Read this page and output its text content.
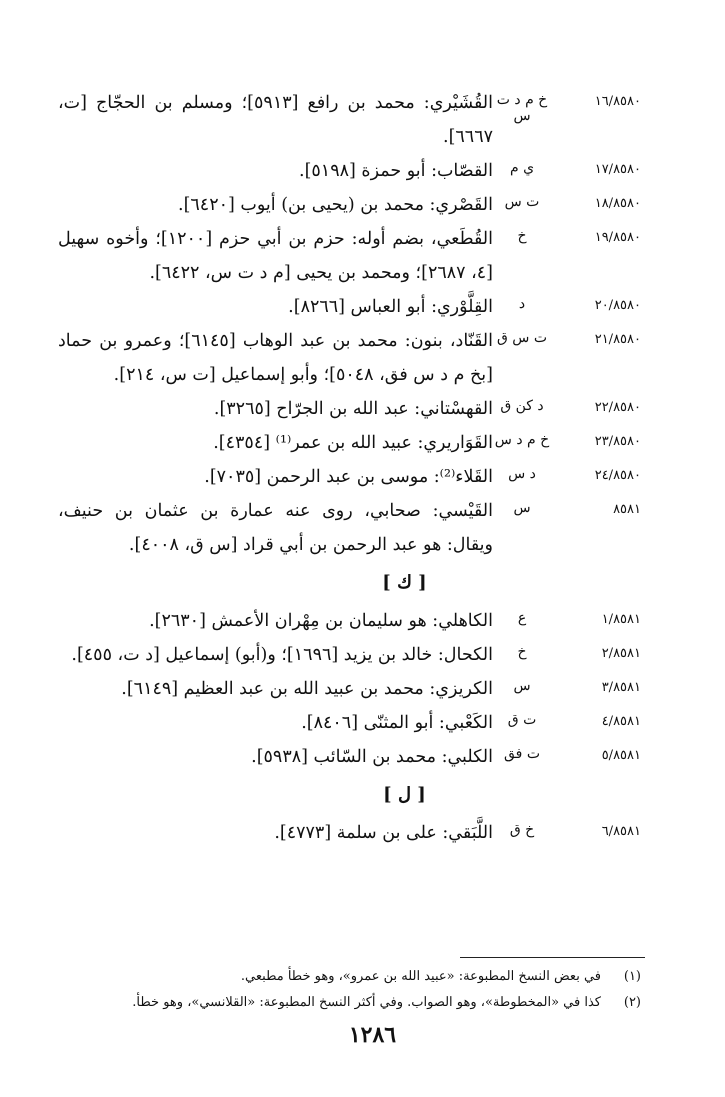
١٦/٨٥٨٠
خ م د ت س
القُشَيْري: محمد بن رافع [٥٩١٣]؛ ومسلم بن الحجّاج [ت، ٦٦٦٧].
١٧/٨٥٨٠
ي م
القصّاب: أبو حمزة [٥١٩٨].
١٨/٨٥٨٠
ت س
القَصْري: محمد بن (يحيى بن) أيوب [٦٤٢٠].
١٩/٨٥٨٠
خ
القُطَعي، بضم أوله: حزم بن أبي حزم [١٢٠٠]؛ وأخوه سهيل [٤، ٢٦٨٧]؛ ومحمد بن يحيى [م د ت س، ٦٤٢٢].
٢٠/٨٥٨٠
د
القِلَّوْري: أبو العباس [٨٢٦٦].
٢١/٨٥٨٠
ت س ق
القَنّاد، بنون: محمد بن عبد الوهاب [٦١٤٥]؛ وعمرو بن حماد [بخ م د س فق، ٥٠٤٨]؛ وأبو إسماعيل [ت س، ٢١٤].
٢٢/٨٥٨٠
د كن ق
القهسْتاني: عبد الله بن الجرّاح [٣٢٦٥].
٢٣/٨٥٨٠
خ م د س
القَوَاريري: عبيد الله بن عمر⁽¹⁾ [٤٣٥٤].
٢٤/٨٥٨٠
د س
القَلاء⁽²⁾: موسى بن عبد الرحمن [٧٠٣٥].
٨٥٨١
س
القَيْسي: صحابي، روى عنه عمارة بن عثمان بن حنيف، ويقال: هو عبد الرحمن بن أبي قراد [س ق، ٤٠٠٨].
[ ك ]
١/٨٥٨١
ع
الكاهلي: هو سليمان بن مِهْران الأعمش [٢٦٣٠].
٢/٨٥٨١
خ
الكحال: خالد بن يزيد [١٦٩٦]؛ و(أبو) إسماعيل [د ت، ٤٥٥].
٣/٨٥٨١
س
الكريزي: محمد بن عبيد الله بن عبد العظيم [٦١٤٩].
٤/٨٥٨١
ت ق
الكَعْبي: أبو المثنّى [٨٤٠٦].
٥/٨٥٨١
ت فق
الكلبي: محمد بن السّائب [٥٩٣٨].
[ ل ]
٦/٨٥٨١
خ ق
اللَّبَقي: على بن سلمة [٤٧٧٣].
(١)
في بعض النسخ المطبوعة: «عبيد الله بن عمرو»، وهو خطأ مطبعي.
(٢)
كذا في «المخطوطة»، وهو الصواب. وفي أكثر النسخ المطبوعة: «القلانسي»، وهو خطأ.
١٢٨٦
